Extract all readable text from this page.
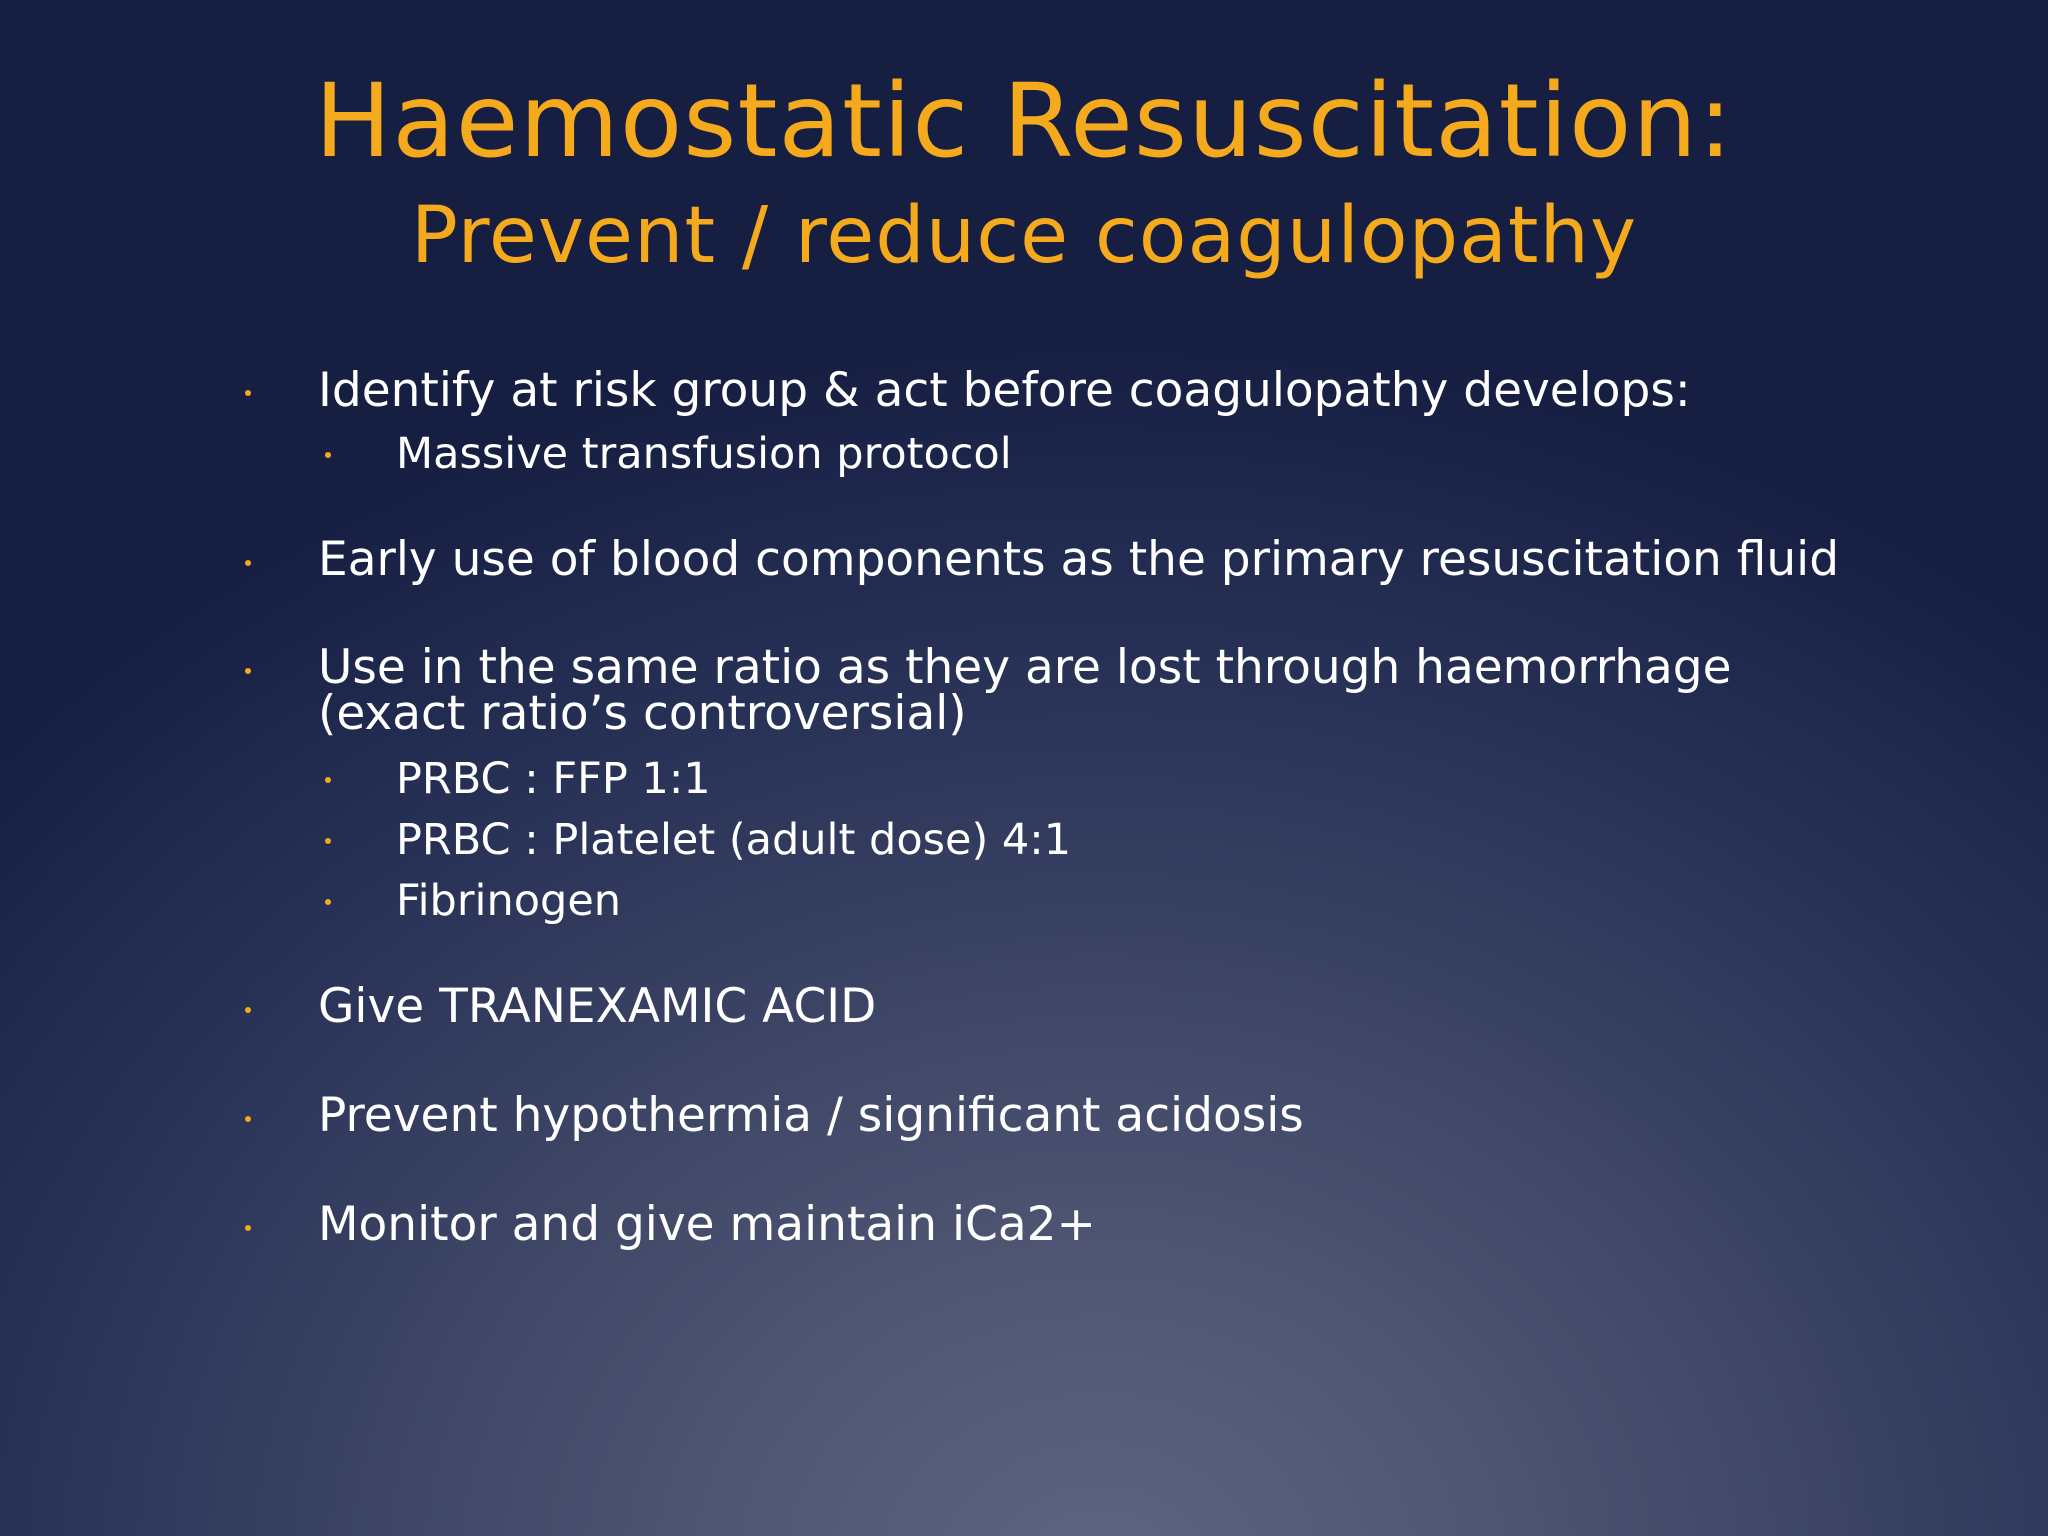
Haemostatic Resuscitation:
Prevent / reduce coagulopathy
Identify at risk group & act before coagulopathy develops:
Massive transfusion protocol
Early use of blood components as the primary resuscitation fluid
Use in the same ratio as they are lost through haemorrhage
(exact ratio’s controversial)
PRBC : FFP 1:1
PRBC : Platelet (adult dose) 4:1
Fibrinogen
Give TRANEXAMIC ACID
Prevent hypothermia / significant acidosis
Monitor and give maintain iCa2+
